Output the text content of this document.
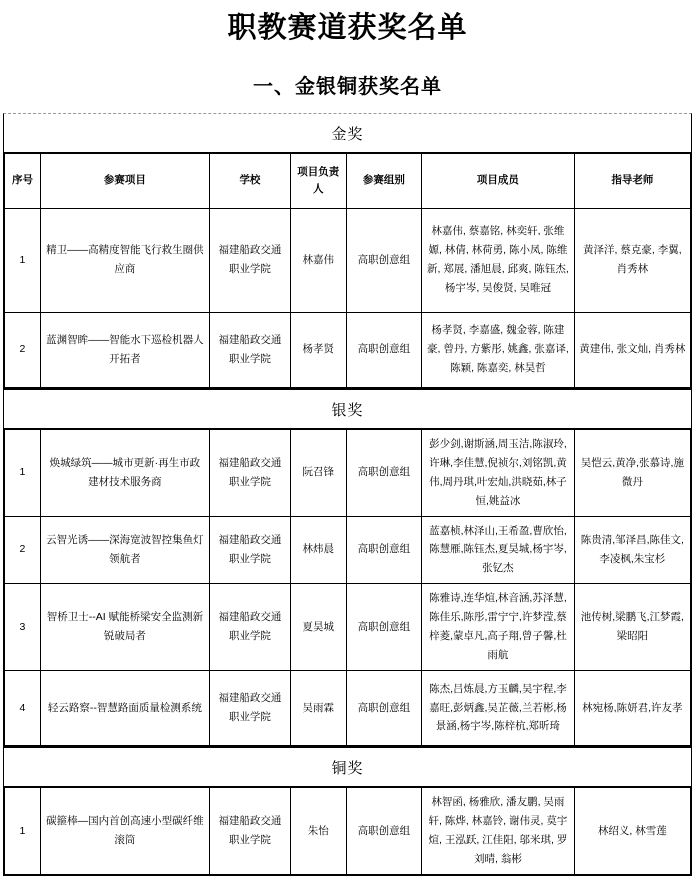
职教赛道获奖名单
一、金银铜获奖名单
金奖
序号	参赛项目	学校	项目负责人	参赛组别	项目成员	指导老师
1	精卫——高精度智能飞行救生圈供应商	福建船政交通职业学院	林嘉伟	高职创意组	林嘉伟, 蔡嘉铭, 林奕轩, 张维嫄, 林倩, 林荷勇, 陈小凤, 陈维新, 郑展, 潘旭晨, 邱爽, 陈钰杰, 杨宇岑, 吴俊贤, 吴唯冠	黄泽洋, 蔡克豪, 李翼, 肖秀林
2	蓝渊智眸——智能水下巡检机器人开拓者	福建船政交通职业学院	杨孝贤	高职创意组	杨孝贤, 李嘉盛, 魏金蓉, 陈建豪, 曾丹, 方紫彤, 姚鑫, 张嘉译, 陈颖, 陈嘉奕, 林昊哲	黄建伟, 张文灿, 肖秀林
银奖
1	焕城绿筑——城市更新·再生市政建材技术服务商	福建船政交通职业学院	阮召锋	高职创意组	彭少剑,谢斯涵,周玉洁,陈淑玲,许琳,李佳慧,倪祯尔,刘铭凯,黄伟,周丹琪,叶宏灿,洪晓茹,林子恒,姚益冰	吴恺云,黄净,张慕诗,施微丹
2	云智光诱——深海宽波智控集鱼灯领航者	福建船政交通职业学院	林炜晨	高职创意组	蓝嘉桢,林泽山,王希盈,曹欣怡,陈慧雁,陈钰杰,夏昊城,杨宇岑,张钇杰	陈贵清,邹泽昌,陈佳文,李凌枫,朱宝杉
3	智桥卫士--AI 赋能桥梁安全监测新锐破局者	福建船政交通职业学院	夏昊城	高职创意组	陈雅诗,连华煊,林音涵,苏泽慧,陈佳乐,陈彤,雷宁宁,许梦滢,蔡梓菱,蒙卓凡,高子翔,曾子馨,杜雨航	池传树,梁鹏飞,江梦霞,梁昭阳
4	轻云路察--智慧路面质量检测系统	福建船政交通职业学院	吴雨霖	高职创意组	陈杰,吕炼晨,方玉麟,吴宇程,李嘉旺,彭炳鑫,吴芷薇,兰若彬,杨景涵,杨宇岑,陈梓杭,郑昕琦	林宛杨,陈妍君,许友孝
铜奖
1	碳箍棒—国内首创高速小型碳纤维滚筒	福建船政交通职业学院	朱怡	高职创意组	林智函, 杨雅欣, 潘友鹏, 吴雨轩, 陈烨, 林嘉铃, 谢伟灵, 莫宇煊, 王泓跃, 江佳阳, 邬米琪, 罗刘晴, 翁彬	林绍义, 林雪莲
